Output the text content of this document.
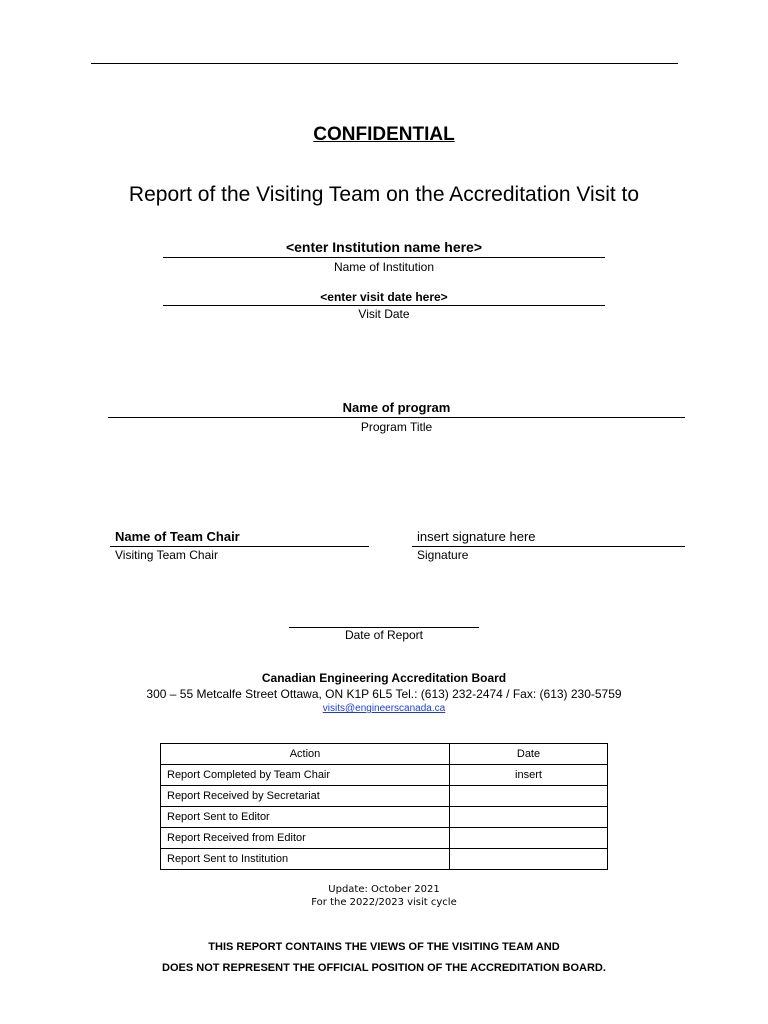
CONFIDENTIAL
Report of the Visiting Team on the Accreditation Visit to
<enter Institution name here>
Name of Institution
<enter visit date here>
Visit Date
Name of program
Program Title
Name of Team Chair
Visiting Team Chair
insert signature here
Signature
Date of Report
Canadian Engineering Accreditation Board
300 – 55 Metcalfe Street Ottawa, ON K1P 6L5 Tel.: (613) 232-2474 / Fax: (613) 230-5759
visits@engineerscanada.ca
Action	Date
Report Completed by Team Chair	insert
Report Received by Secretariat	
Report Sent to Editor	
Report Received from Editor	
Report Sent to Institution	
Update: October 2021
For the 2022/2023 visit cycle
THIS REPORT CONTAINS THE VIEWS OF THE VISITING TEAM AND
DOES NOT REPRESENT THE OFFICIAL POSITION OF THE ACCREDITATION BOARD.
